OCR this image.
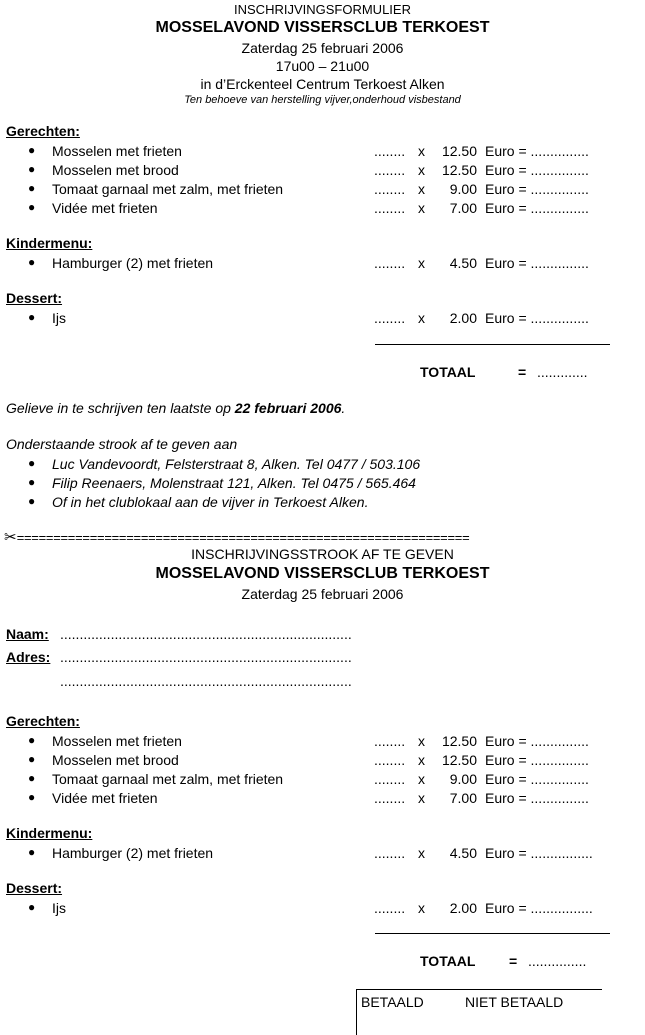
INSCHRIJVINGSFORMULIER
MOSSELAVOND VISSERSCLUB TERKOEST
Zaterdag 25 februari 2006
17u00 – 21u00
in d’Erckenteel Centrum Terkoest Alken
Ten behoeve van herstelling vijver,onderhoud visbestand
Gerechten:
● Mosselen met frieten	........ x	12.50 Euro = ...............
● Mosselen met brood	........ x	12.50 Euro = ...............
● Tomaat garnaal met zalm, met frieten	........ x	9.00 Euro = ...............
● Vidée met frieten	........ x	7.00 Euro = ...............
Kindermenu:
● Hamburger (2) met frieten	........ x	4.50 Euro = ...............
Dessert:
● Ijs	........ x	2.00 Euro = ...............
TOTAAL	= .............
Gelieve in te schrijven ten laatste op 22 februari 2006.
Onderstaande strook af te geven aan
● Luc Vandevoordt, Felsterstraat 8, Alken. Tel 0477 / 503.106
● Filip Reenaers, Molenstraat 121, Alken. Tel 0475 / 565.464
● Of in het clublokaal aan de vijver in Terkoest Alken.
✂==============================================================
INSCHRIJVINGSSTROOK AF TE GEVEN
MOSSELAVOND VISSERSCLUB TERKOEST
Zaterdag 25 februari 2006
Naam: ...........................................................................
Adres: ...........................................................................
...........................................................................
Gerechten:
● Mosselen met frieten	........ x	12.50 Euro = ...............
● Mosselen met brood	........ x	12.50 Euro = ...............
● Tomaat garnaal met zalm, met frieten	........ x	9.00 Euro = ...............
● Vidée met frieten	........ x	7.00 Euro = ...............
Kindermenu:
● Hamburger (2) met frieten	........ x	4.50 Euro = ................
Dessert:
● Ijs	........ x	2.00 Euro = ................
TOTAAL = ...............
BETAALD	NIET BETAALD
